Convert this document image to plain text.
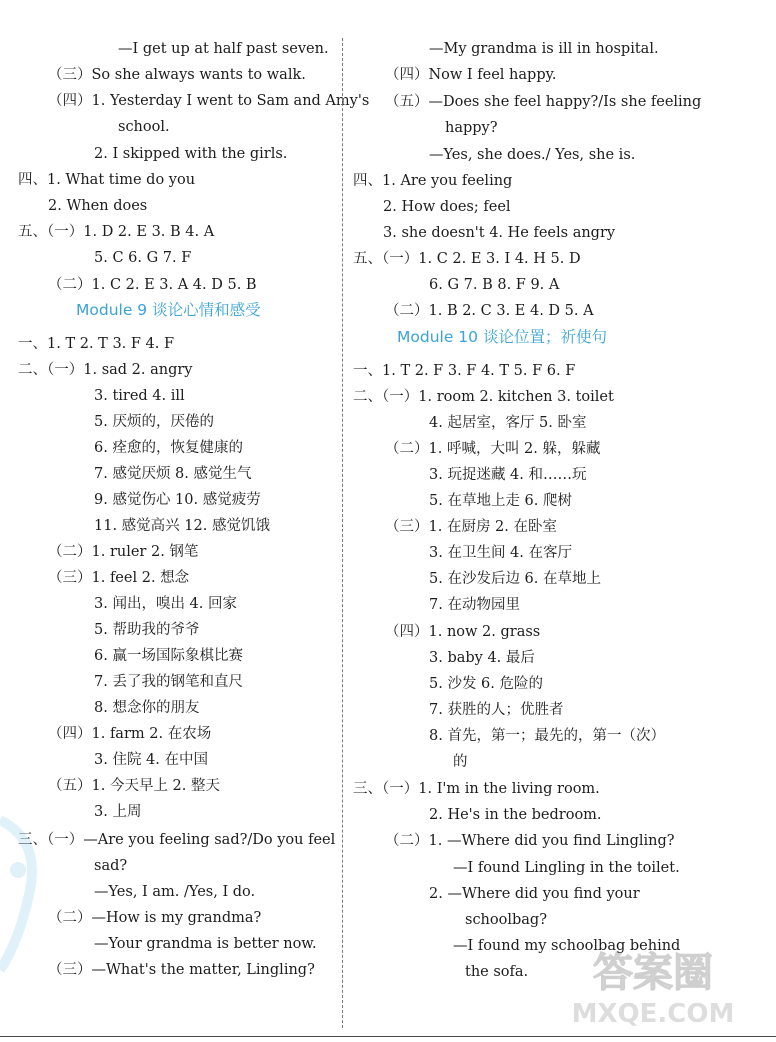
—I get up at half past seven.
（三）So she always wants to walk.
（四）1. Yesterday I went to Sam and Amy's
school.
2. I skipped with the girls.
四、1. What time do you
2. When does
五、（一）1. D 2. E 3. B 4. A
5. C 6. G 7. F
（二）1. C 2. E 3. A 4. D 5. B
一、1. T 2. T 3. F 4. F
二、（一）1. sad 2. angry
3. tired 4. ill
5. 厌烦的，厌倦的
6. 痊愈的，恢复健康的
7. 感觉厌烦 8. 感觉生气
9. 感觉伤心 10. 感觉疲劳
11. 感觉高兴 12. 感觉饥饿
（二）1. ruler 2. 钢笔
（三）1. feel 2. 想念
3. 闻出，嗅出 4. 回家
5. 帮助我的爷爷
6. 赢一场国际象棋比赛
7. 丢了我的钢笔和直尺
8. 想念你的朋友
（四）1. farm 2. 在农场
3. 住院 4. 在中国
（五）1. 今天早上 2. 整天
3. 上周
三、（一）—Are you feeling sad?/Do you feel
sad?
—Yes, I am. /Yes, I do.
（二）—How is my grandma?
—Your grandma is better now.
（三）—What's the matter, Lingling?
Module 9 谈论心情和感受
—My grandma is ill in hospital.
（四）Now I feel happy.
（五）—Does she feel happy?/Is she feeling
happy?
—Yes, she does./ Yes, she is.
四、1. Are you feeling
2. How does; feel
3. she doesn't 4. He feels angry
五、（一）1. C 2. E 3. I 4. H 5. D
6. G 7. B 8. F 9. A
（二）1. B 2. C 3. E 4. D 5. A
一、1. T 2. F 3. F 4. T 5. F 6. F
二、（一）1. room 2. kitchen 3. toilet
4. 起居室，客厅 5. 卧室
（二）1. 呼喊，大叫 2. 躲，躲藏
3. 玩捉迷藏 4. 和……玩
5. 在草地上走 6. 爬树
（三）1. 在厨房 2. 在卧室
3. 在卫生间 4. 在客厅
5. 在沙发后边 6. 在草地上
7. 在动物园里
（四）1. now 2. grass
3. baby 4. 最后
5. 沙发 6. 危险的
7. 获胜的人；优胜者
8. 首先，第一；最先的，第一（次）
的
三、（一）1. I'm in the living room.
2. He's in the bedroom.
（二）1. —Where did you find Lingling?
—I found Lingling in the toilet.
2. —Where did you find your
schoolbag?
—I found my schoolbag behind
the sofa.
Module 10 谈论位置；祈使句
答案圈
MXQE.COM
